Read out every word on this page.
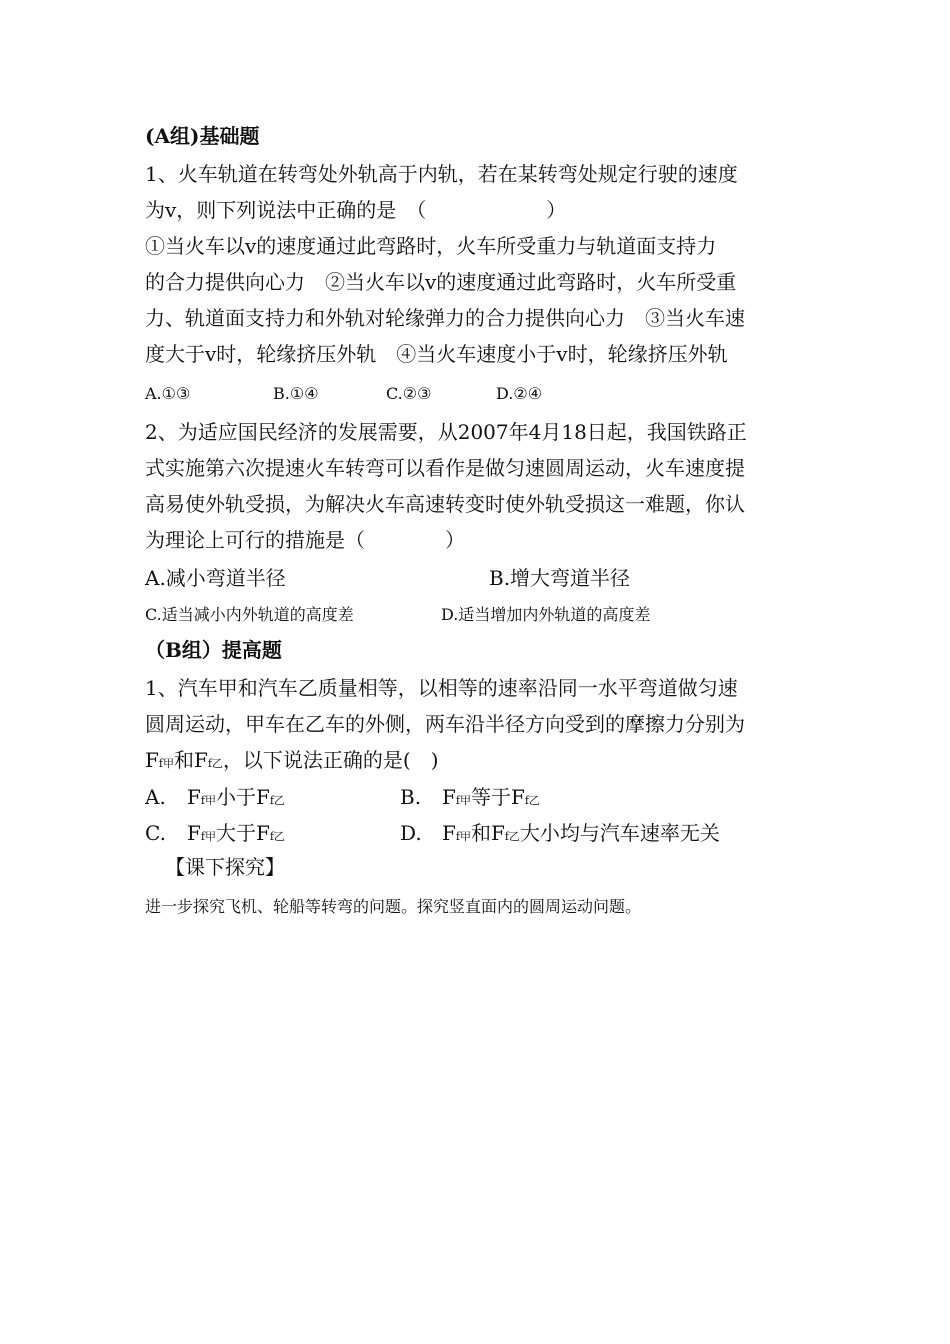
(A组)基础题
1、火车轨道在转弯处外轨高于内轨，若在某转弯处规定行驶的速度
为v，则下列说法中正确的是　（　　　　　　）
①当火车以v的速度通过此弯路时，火车所受重力与轨道面支持力
的合力提供向心力　②当火车以v的速度通过此弯路时，火车所受重
力、轨道面支持力和外轨对轮缘弹力的合力提供向心力　③当火车速
度大于v时，轮缘挤压外轨　④当火车速度小于v时，轮缘挤压外轨
A.①③	B.①④	C.②③	D.②④
2、为适应国民经济的发展需要，从2007年4月18日起，我国铁路正
式实施第六次提速火车转弯可以看作是做匀速圆周运动，火车速度提
高易使外轨受损，为解决火车高速转变时使外轨受损这一难题，你认
为理论上可行的措施是（　　　　）
A.减小弯道半径	B.增大弯道半径
C.适当减小内外轨道的高度差	D.适当增加内外轨道的高度差
（B组）提高题
1、汽车甲和汽车乙质量相等，以相等的速率沿同一水平弯道做匀速
圆周运动，甲车在乙车的外侧，两车沿半径方向受到的摩擦力分别为
Ff甲和Ff乙，以下说法正确的是(　)
A. Ff甲小于Ff乙	B. Ff甲等于Ff乙
C. Ff甲大于Ff乙	D. Ff甲和Ff乙大小均与汽车速率无关
【课下探究】
进一步探究飞机、轮船等转弯的问题。探究竖直面内的圆周运动问题。
